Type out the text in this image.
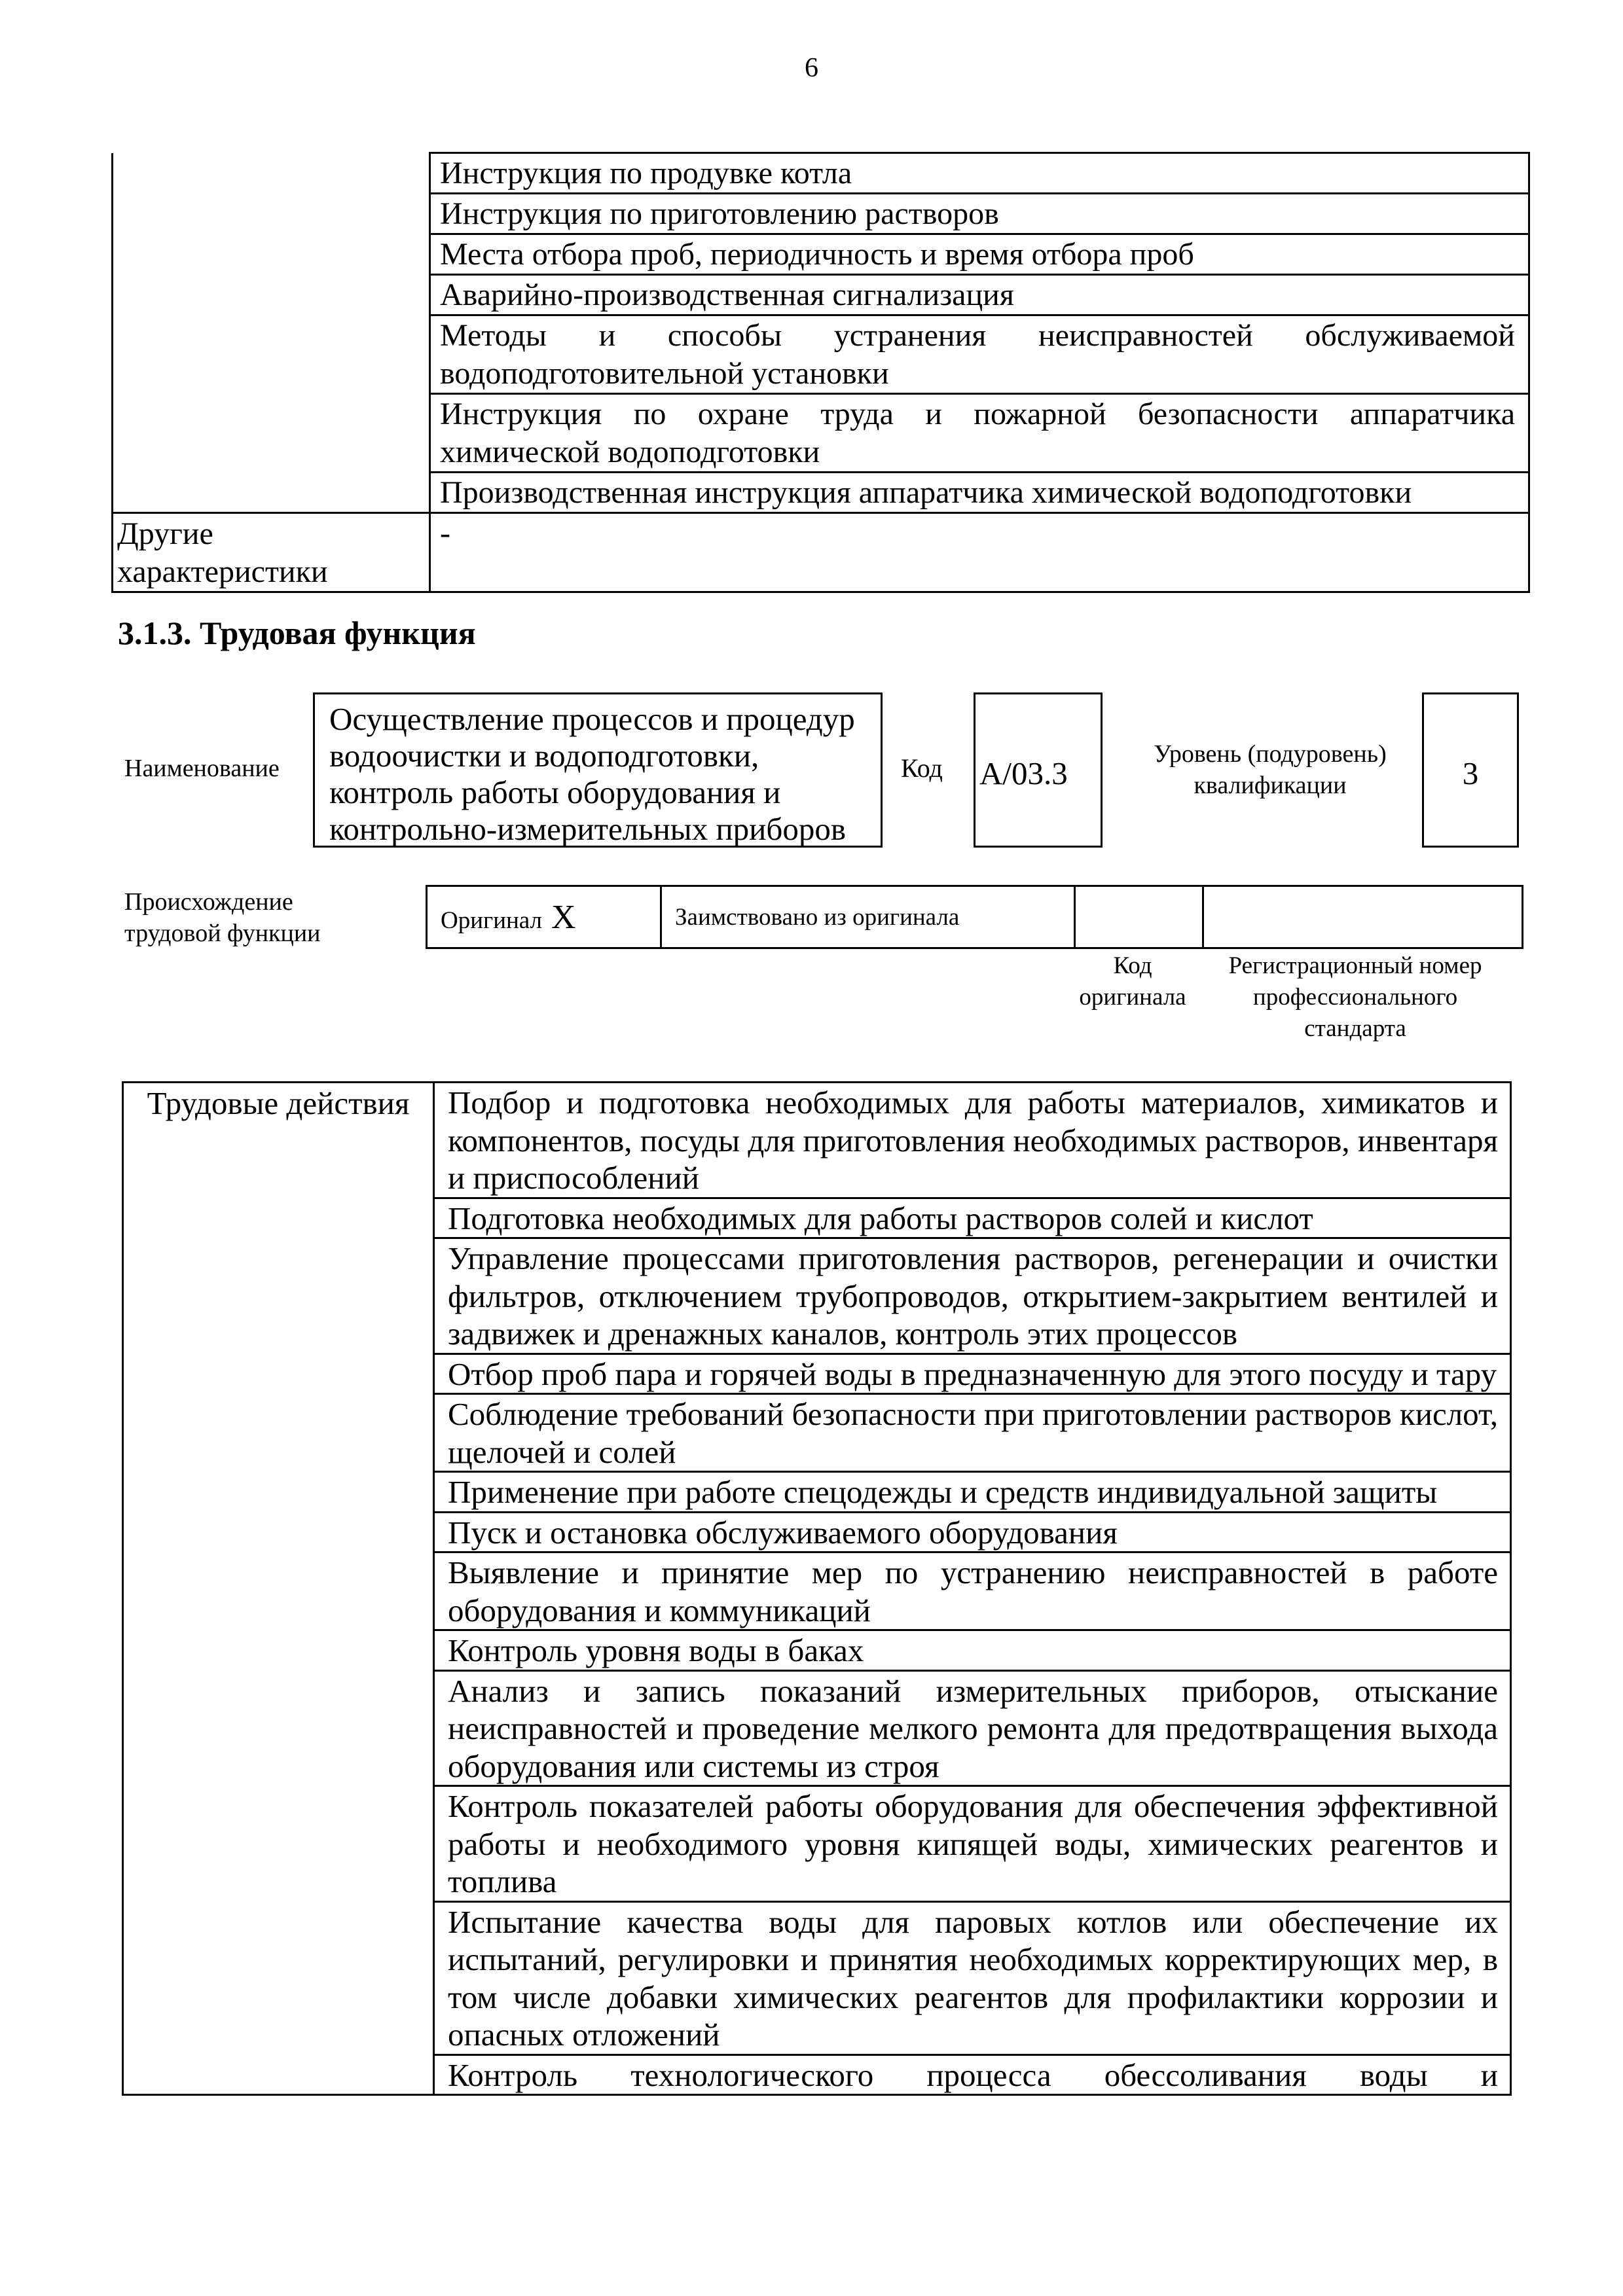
6
	Инструкция по продувке котла
	Инструкция по приготовлению растворов
	Места отбора проб, периодичность и время отбора проб
	Аварийно-производственная сигнализация
	Методы и способы устранения неисправностей обслуживаемой водоподготовительной установки
	Инструкция по охране труда и пожарной безопасности аппаратчика химической водоподготовки
	Производственная инструкция аппаратчика химической водоподготовки
Другие характеристики	-
3.1.3. Трудовая функция
Наименование
Осуществление процессов и процедур водоочистки и водоподготовки, контроль работы оборудования и контрольно-измерительных приборов
Код А/03.3
Уровень (подуровень) квалификации	3
Происхождение трудовой функции	Оригинал X	Заимствовано из оригинала		
Код оригинала
Регистрационный номер профессионального стандарта
Трудовые действия	Подбор и подготовка необходимых для работы материалов, химикатов и компонентов, посуды для приготовления необходимых растворов, инвентаря и приспособлений
Подготовка необходимых для работы растворов солей и кислот
Управление процессами приготовления растворов, регенерации и очистки фильтров, отключением трубопроводов, открытием-закрытием вентилей и задвижек и дренажных каналов, контроль этих процессов
Отбор проб пара и горячей воды в предназначенную для этого посуду и тару
Соблюдение требований безопасности при приготовлении растворов кислот, щелочей и солей
Применение при работе спецодежды и средств индивидуальной защиты
Пуск и остановка обслуживаемого оборудования
Выявление и принятие мер по устранению неисправностей в работе оборудования и коммуникаций
Контроль уровня воды в баках
Анализ и запись показаний измерительных приборов, отыскание неисправностей и проведение мелкого ремонта для предотвращения выхода оборудования или системы из строя
Контроль показателей работы оборудования для обеспечения эффективной работы и необходимого уровня кипящей воды, химических реагентов и топлива
Испытание качества воды для паровых котлов или обеспечение их испытаний, регулировки и принятия необходимых корректирующих мер, в том числе добавки химических реагентов для профилактики коррозии и опасных отложений
Контроль технологического процесса обессоливания воды и
